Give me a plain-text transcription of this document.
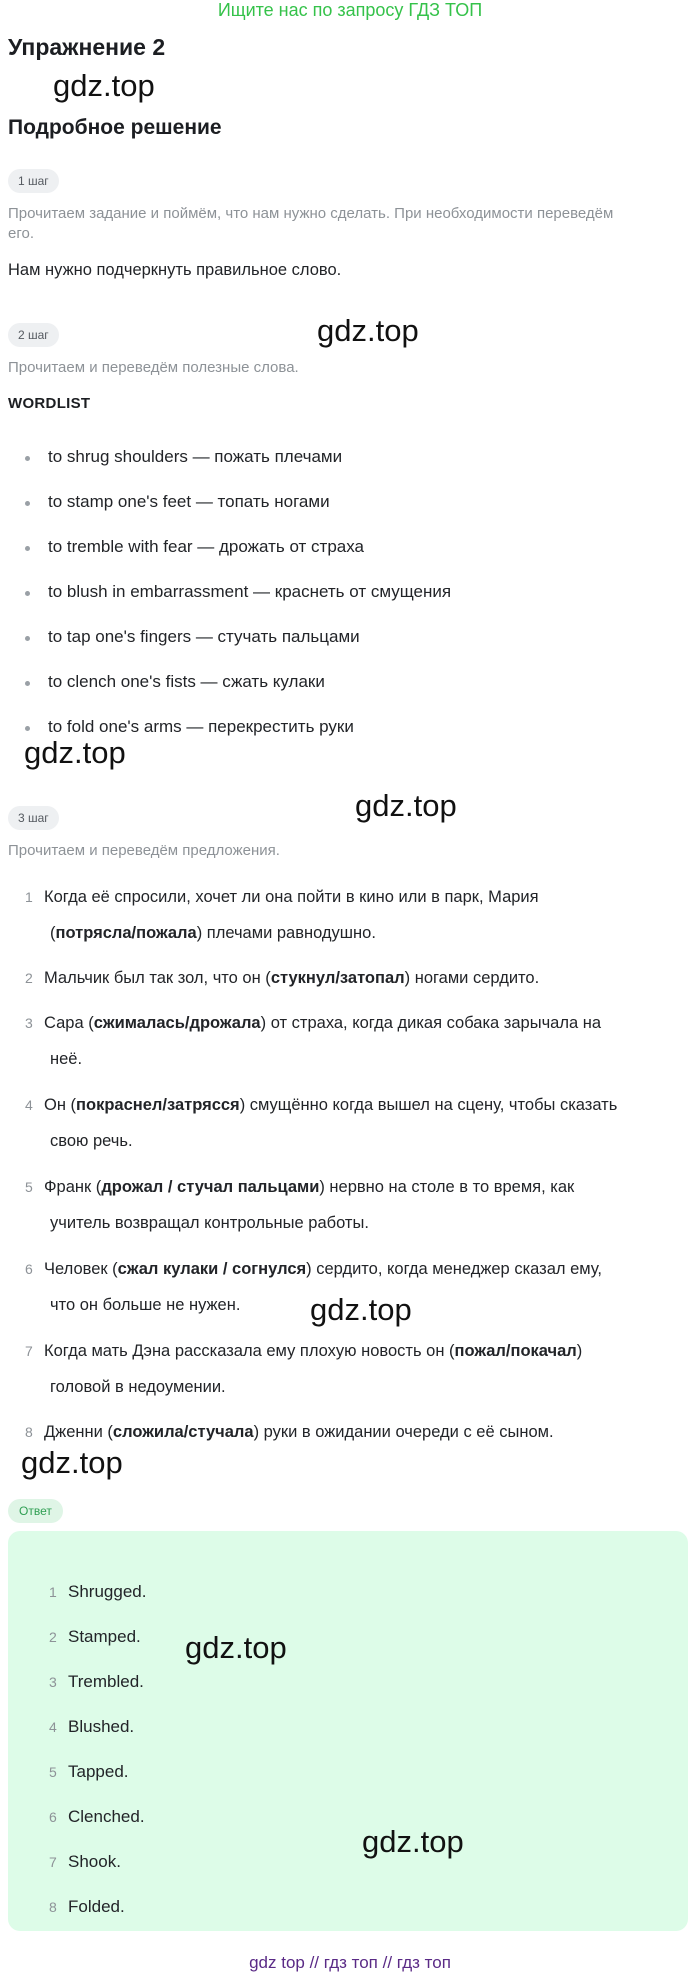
Ищите нас по запросу ГДЗ ТОП
Упражнение 2
gdz.top
Подробное решение
1 шаг
Прочитаем задание и поймём, что нам нужно сделать. При необходимости переведём
его.
Нам нужно подчеркнуть правильное слово.
2 шаг	gdz.top
Прочитаем и переведём полезные слова.
WORDLIST
to shrug shoulders — пожать плечами
to stamp one's feet — топать ногами
to tremble with fear — дрожать от страха
to blush in embarrassment — краснеть от смущения
to tap one's fingers — стучать пальцами
to clench one's fists — сжать кулаки
to fold one's arms — перекрестить руки
gdz.top
3 шаг	gdz.top
Прочитаем и переведём предложения.
1 Когда её спросили, хочет ли она пойти в кино или в парк, Мария
(потрясла/пожала) плечами равнодушно.
2 Мальчик был так зол, что он (стукнул/затопал) ногами сердито.
3 Сара (сжималась/дрожала) от страха, когда дикая собака зарычала на
неё.
4 Он (покраснел/затрясся) смущённо когда вышел на сцену, чтобы сказать
свою речь.
5 Франк (дрожал / стучал пальцами) нервно на столе в то время, как
учитель возвращал контрольные работы.
6 Человек (сжал кулаки / согнулся) сердито, когда менеджер сказал ему,
что он больше не нужен.
7 Когда мать Дэна рассказала ему плохую новость он (пожал/покачал)
головой в недоумении.
8 Дженни (сложила/стучала) руки в ожидании очереди с её сыном.
gdz.top
gdz.top
Ответ
1 Shrugged.
2 Stamped.
3 Trembled.
4 Blushed.
5 Tapped.
6 Clenched.
7 Shook.
8 Folded.
gdz.top
gdz.top
gdz top // гдз топ // гдз топ
